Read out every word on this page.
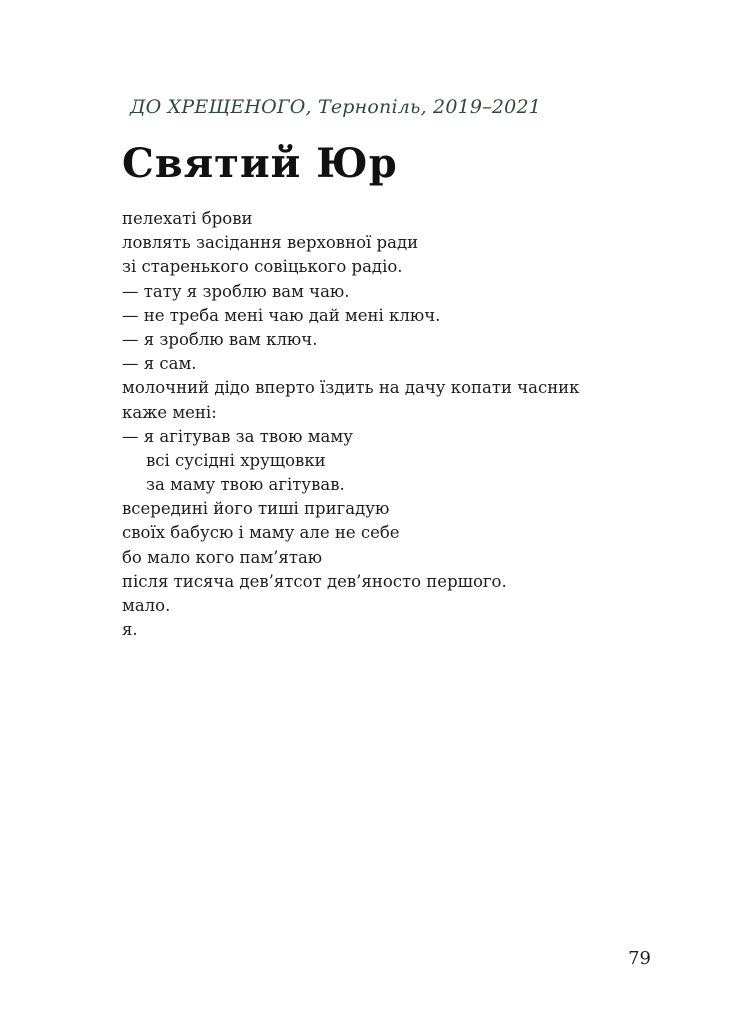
ДО ХРЕЩЕНОГО, Тернопіль, 2019–2021
Святий Юр
пелехаті брови
ловлять засідання верховної ради
зі старенького совіцького радіо.
— тату я зроблю вам чаю.
— не треба мені чаю дай мені ключ.
— я зроблю вам ключ.
— я сам.
молочний дідо вперто їздить на дачу копати часник
каже мені:
— я агітував за твою маму
всі сусідні хрущовки
за маму твою агітував.
всередині його тиші пригадую
своїх бабусю і маму але не себе
бо мало кого пам’ятаю
після тисяча дев’ятсот дев’яносто першого.
мало.
я.
79
